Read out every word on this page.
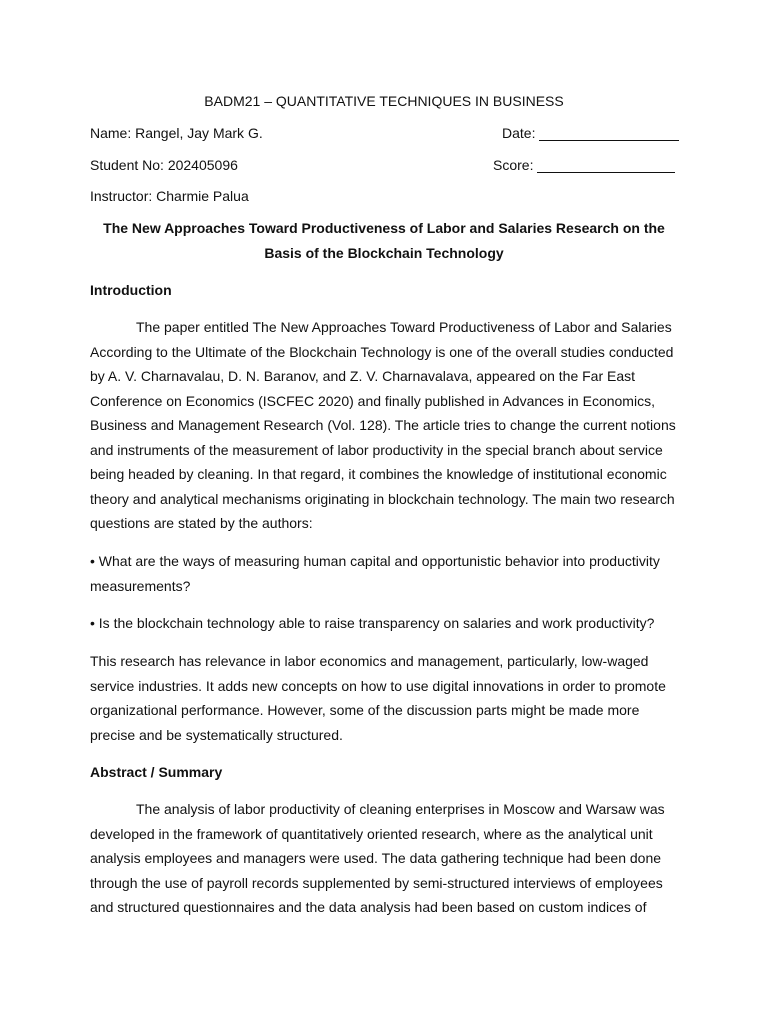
BADM21 – QUANTITATIVE TECHNIQUES IN BUSINESS
Name: Rangel, Jay Mark G.	Date:
Student No: 202405096	Score:
Instructor: Charmie Palua
The New Approaches Toward Productiveness of Labor and Salaries Research on the
Basis of the Blockchain Technology
Introduction

The paper entitled The New Approaches Toward Productiveness of Labor and Salaries According to the Ultimate of the Blockchain Technology is one of the overall studies conducted by A. V. Charnavalau, D. N. Baranov, and Z. V. Charnavalava, appeared on the Far East Conference on Economics (ISCFEC 2020) and finally published in Advances in Economics, Business and Management Research (Vol. 128). The article tries to change the current notions and instruments of the measurement of labor productivity in the special branch about service being headed by cleaning. In that regard, it combines the knowledge of institutional economic theory and analytical mechanisms originating in blockchain technology. The main two research questions are stated by the authors:

• What are the ways of measuring human capital and opportunistic behavior into productivity measurements?

• Is the blockchain technology able to raise transparency on salaries and work productivity?

This research has relevance in labor economics and management, particularly, low-waged service industries. It adds new concepts on how to use digital innovations in order to promote organizational performance. However, some of the discussion parts might be made more precise and be systematically structured.

Abstract / Summary

The analysis of labor productivity of cleaning enterprises in Moscow and Warsaw was developed in the framework of quantitatively oriented research, where as the analytical unit analysis employees and managers were used. The data gathering technique had been done through the use of payroll records supplemented by semi-structured interviews of employees and structured questionnaires and the data analysis had been based on custom indices of
